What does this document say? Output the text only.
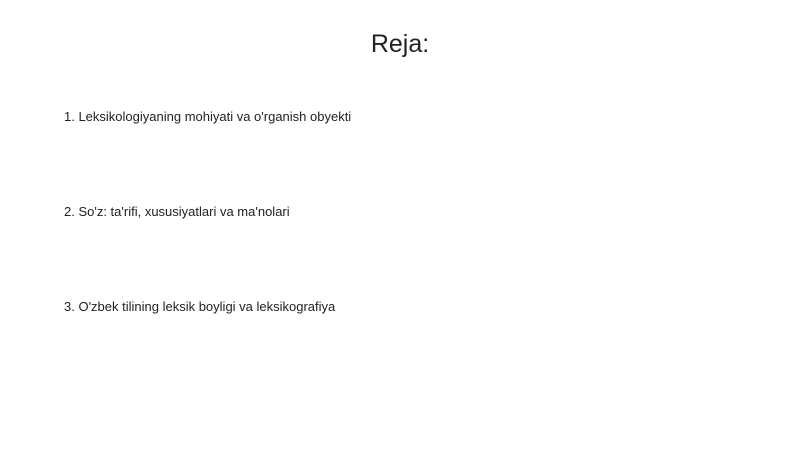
Reja:
1. Leksikologiyaning mohiyati va o'rganish obyekti
2. So'z: ta'rifi, xususiyatlari va ma'nolari
3. O'zbek tilining leksik boyligi va leksikografiya
